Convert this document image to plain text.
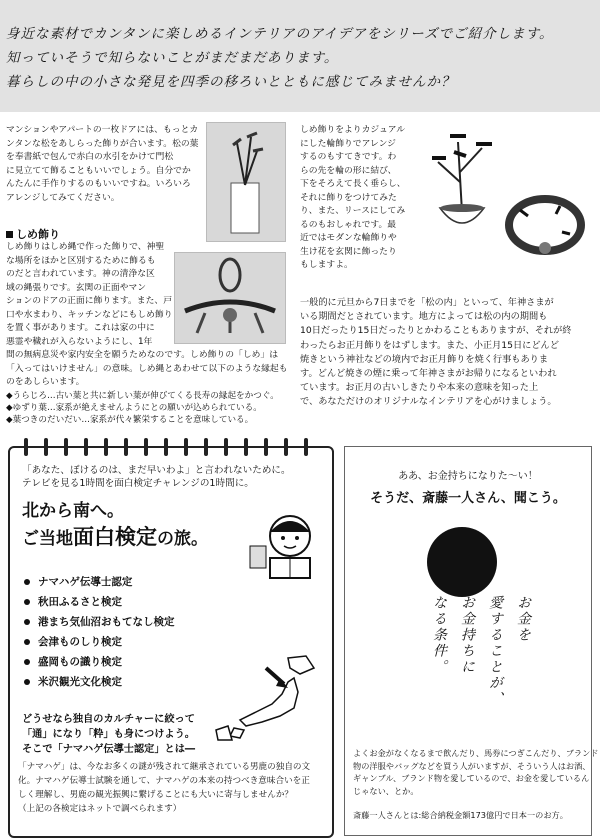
身近な素材でカンタンに楽しめるインテリアのアイデアをシリーズでご紹介します。
知っていそうで知らないことがまだまだあります。
暮らしの中の小さな発見を四季の移ろいとともに感じてみませんか？

マンションやアパートの一枚ドアには、もっとカ

ンタンな松をあしらった飾りが合います。松の葉

を奉書紙で包んで赤白の水引をかけて門松

に見立てて飾ることもいいでしょう。自分でか

んたんに手作りするのもいいですね。いろいろ

アレンジしてみてください。

しめ飾り

しめ飾りはしめ縄で作った飾りで、神聖

な場所をほかと区別するために飾るも

のだと言われています。神の清浄な区

域の縄張りです。玄関の正面やマン

ションのドアの正面に飾ります。また、戸

口や水まわり、キッチンなどにもしめ飾り

を置く事があります。これは家の中に

悪霊や穢れが入らないようにし、1年

間の無病息災や家内安全を願うためなのです。しめ飾りの「しめ」は

「入ってはいけません」の意味。しめ縄とあわせて以下のような縁起も

のをあしらいます。

◆うらじろ…古い葉と共に新しい葉が伸びてくる長寿の縁起をかつぐ。
◆ゆずり葉…家系が絶えませんようにとの願いが込められている。
◆葉つきのだいだい…家系が代々繁栄することを意味している。

しめ飾りをよりカジュアル

にした輪飾りでアレンジ

するのもすてきです。わ

らの先を輪の形に結び、

下をそろえて長く垂らし、

それに飾りをつけてみた

り、また、リースにしてみ

るのもおしゃれです。最

近ではモダンな輪飾りや

生け花を玄関に飾ったり

もしますよ。

一般的に元旦から7日までを「松の内」といって、年神さまが

いる期間だとされています。地方によっては松の内の期間も

10日だったり15日だったりとかわることもありますが、それが終

わったらお正月飾りをはずします。また、小正月15日にどんど

焼きという神社などの境内でお正月飾りを焼く行事もありま

す。どんど焼きの煙に乗って年神さまがお帰りになるといわれ

ています。お正月の古いしきたりや本来の意味を知った上

で、あなただけのオリジナルなインテリアを心がけましょう。

「あなた、ぼけるのは、まだ早いわよ」と言われないために。
テレビを見る1時間を面白検定チャレンジの1時間に。
北から南へ。
ご当地面白検定の旅。
ナマハゲ伝導士認定
秋田ふるさと検定
港まち気仙沼おもてなし検定
会津ものしり検定
盛岡もの識り検定
米沢観光文化検定
どうせなら独自のカルチャーに絞って
「通」になり「粋」も身につけよう。
そこで「ナマハゲ伝導士認定」とは―
「ナマハゲ」は、今なお多くの謎が残されて継承されている男鹿の独自の文
化。ナマハゲ伝導士試験を通して、ナマハゲの本来の持つべき意味合いを正
しく理解し、男鹿の観光振興に繋げることにも大いに寄与しませんか？
（上記の各検定はネットで調べられます）
ああ、お金持ちになりた～い！
そうだ、斎藤一人さん、聞こう。
ひとり
お金を
愛することが、
お金持ちに
なる条件。
よくお金がなくなるまで飲んだり、馬券につぎこんだり、ブランド
物の洋服やバッグなどを買う人がいますが、そういう人はお酒、
ギャンブル、ブランド物を愛しているので、お金を愛しているん
じゃない、とか。
斎藤一人さんとは:総合納税金額173億円で日本一のお方。
